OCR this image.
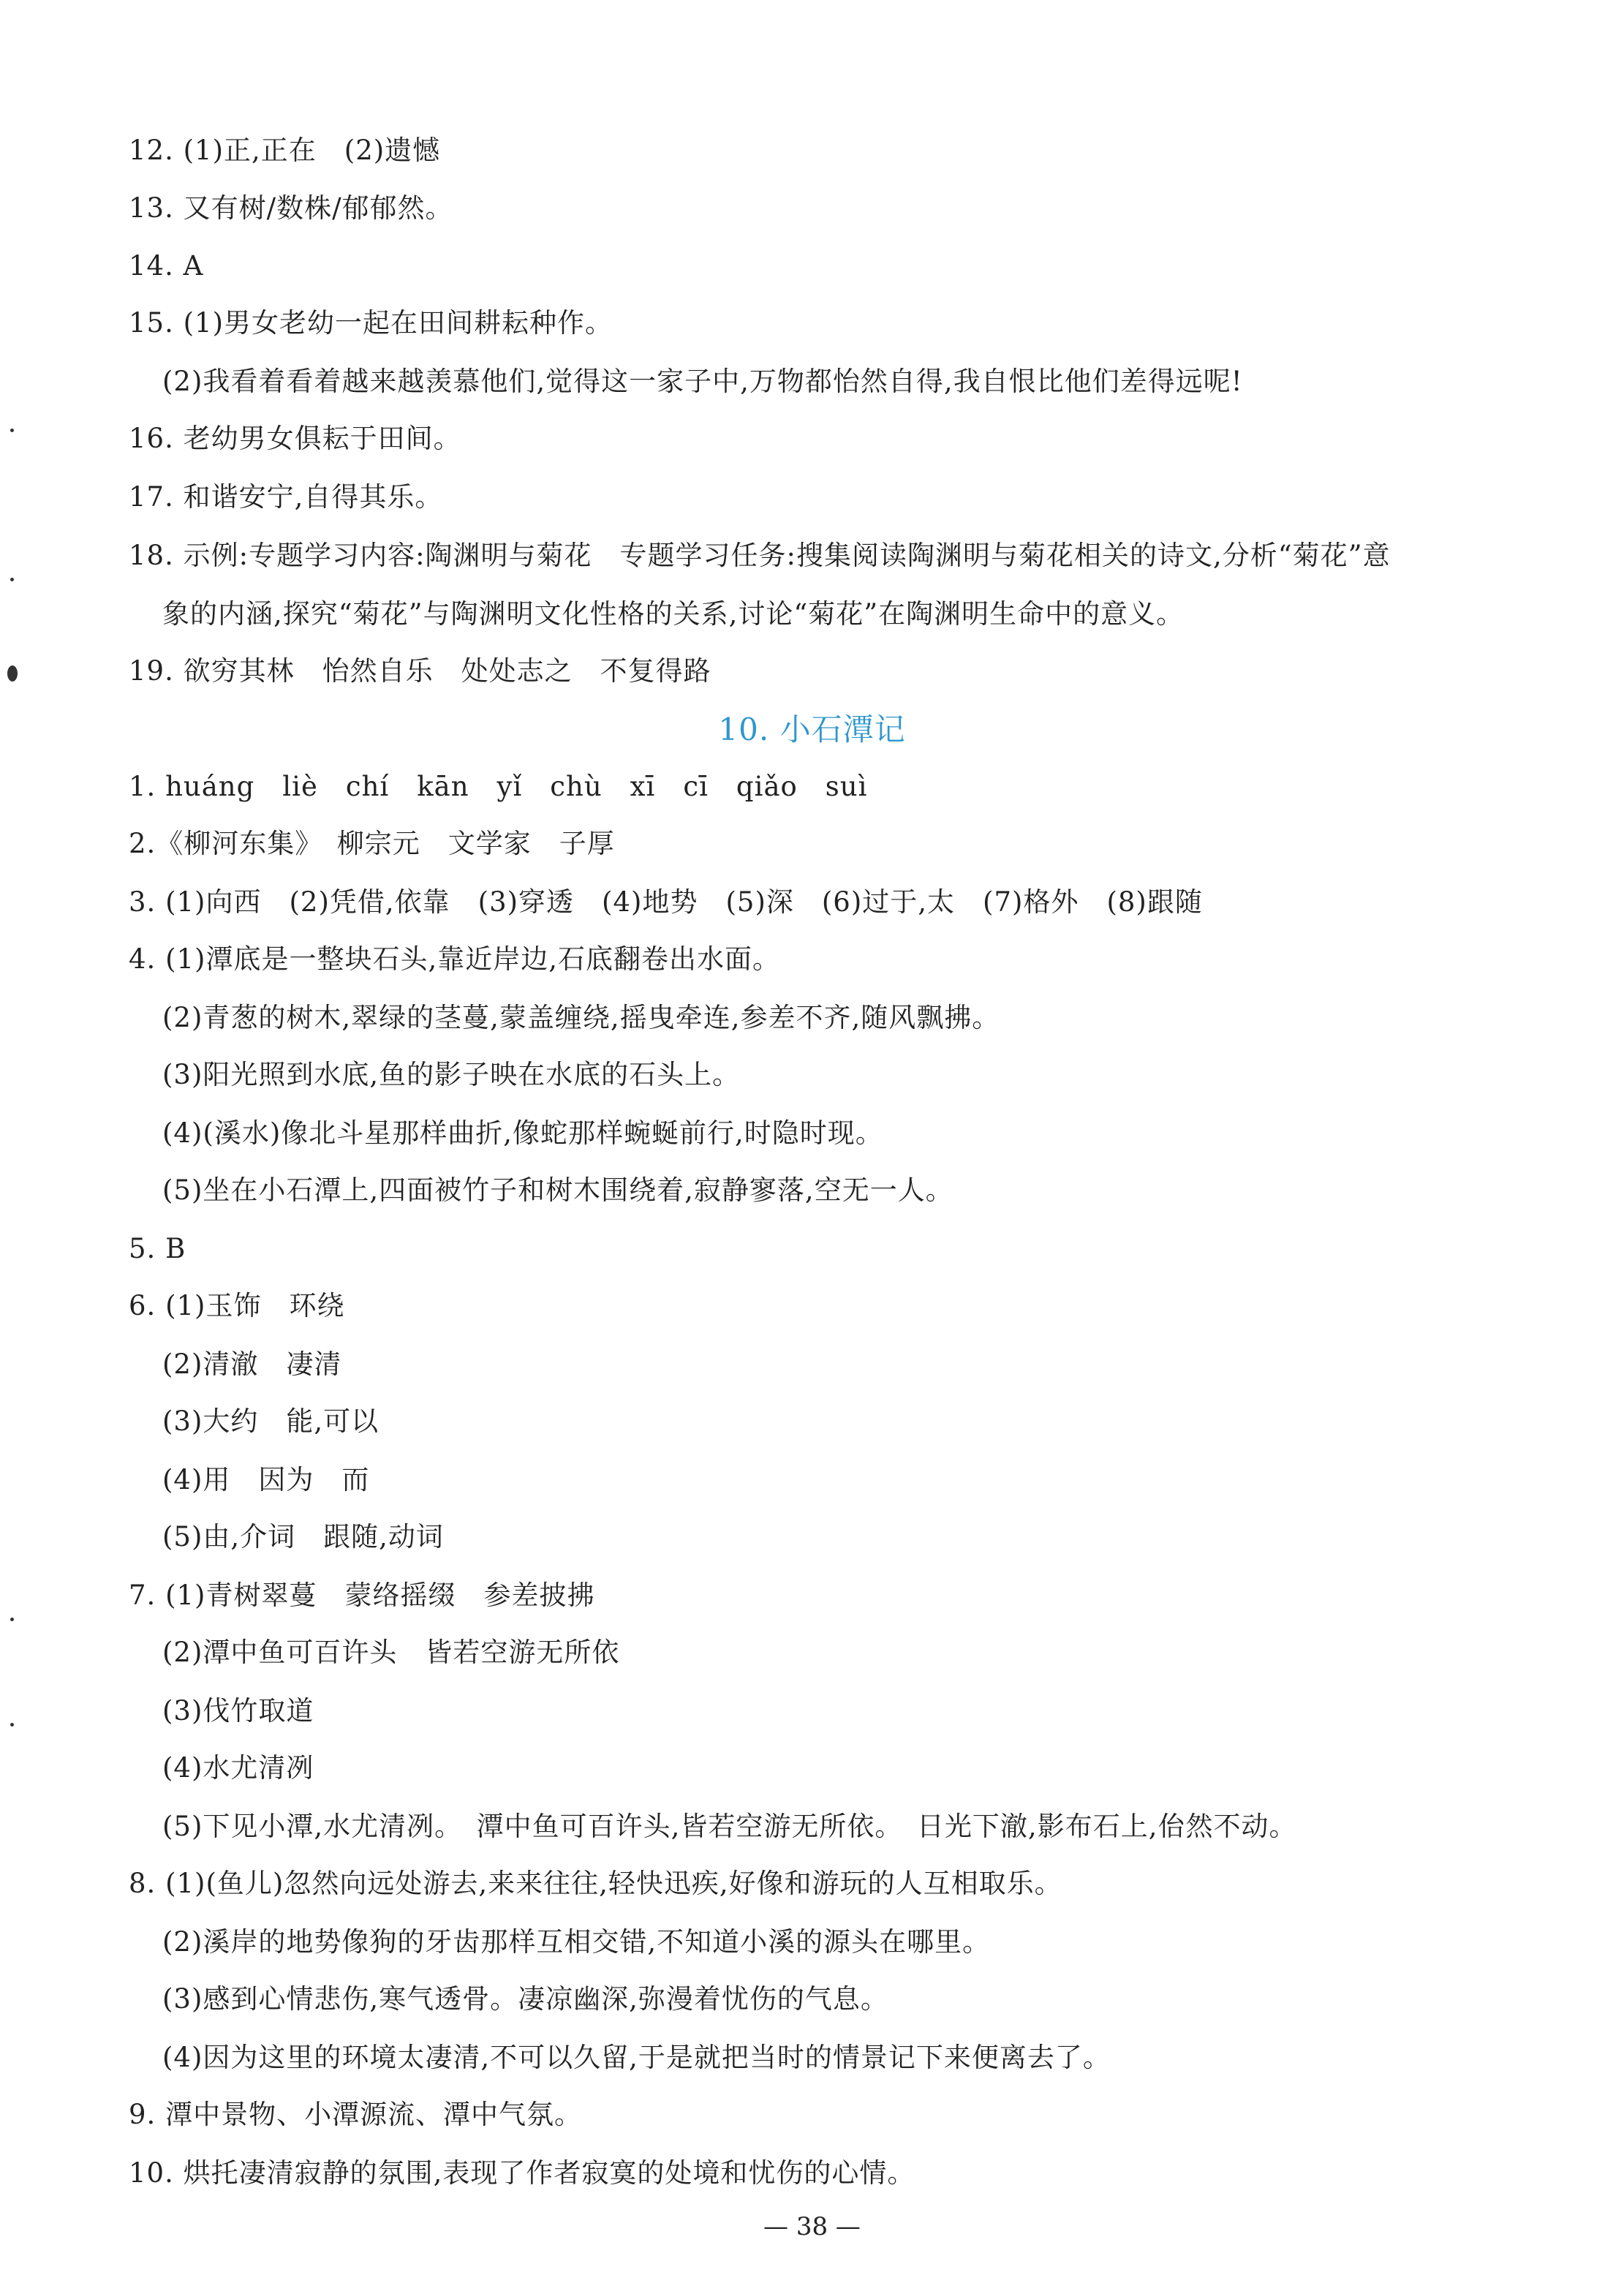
12. (1)正,正在　(2)遗憾
13. 又有树/数株/郁郁然。
14. A
15. (1)男女老幼一起在田间耕耘种作。
(2)我看着看着越来越羡慕他们,觉得这一家子中,万物都怡然自得,我自恨比他们差得远呢!
16. 老幼男女俱耘于田间。
17. 和谐安宁,自得其乐。
18. 示例:专题学习内容:陶渊明与菊花　专题学习任务:搜集阅读陶渊明与菊花相关的诗文,分析“菊花”意
象的内涵,探究“菊花”与陶渊明文化性格的关系,讨论“菊花”在陶渊明生命中的意义。
19. 欲穷其林　怡然自乐　处处志之　不复得路
10. 小石潭记
1. huáng　liè　chí　kān　yǐ　chù　xī　cī　qiǎo　suì
2.《柳河东集》　柳宗元　文学家　子厚
3. (1)向西　(2)凭借,依靠　(3)穿透　(4)地势　(5)深　(6)过于,太　(7)格外　(8)跟随
4. (1)潭底是一整块石头,靠近岸边,石底翻卷出水面。
(2)青葱的树木,翠绿的茎蔓,蒙盖缠绕,摇曳牵连,参差不齐,随风飘拂。
(3)阳光照到水底,鱼的影子映在水底的石头上。
(4)(溪水)像北斗星那样曲折,像蛇那样蜿蜒前行,时隐时现。
(5)坐在小石潭上,四面被竹子和树木围绕着,寂静寥落,空无一人。
5. B
6. (1)玉饰　环绕
(2)清澈　凄清
(3)大约　能,可以
(4)用　因为　而
(5)由,介词　跟随,动词
7. (1)青树翠蔓　蒙络摇缀　参差披拂
(2)潭中鱼可百许头　皆若空游无所依
(3)伐竹取道
(4)水尤清冽
(5)下见小潭,水尤清冽。　潭中鱼可百许头,皆若空游无所依。　日光下澈,影布石上,佁然不动。
8. (1)(鱼儿)忽然向远处游去,来来往往,轻快迅疾,好像和游玩的人互相取乐。
(2)溪岸的地势像狗的牙齿那样互相交错,不知道小溪的源头在哪里。
(3)感到心情悲伤,寒气透骨。凄凉幽深,弥漫着忧伤的气息。
(4)因为这里的环境太凄清,不可以久留,于是就把当时的情景记下来便离去了。
9. 潭中景物、小潭源流、潭中气氛。
10. 烘托凄清寂静的氛围,表现了作者寂寞的处境和忧伤的心情。
— 38 —
